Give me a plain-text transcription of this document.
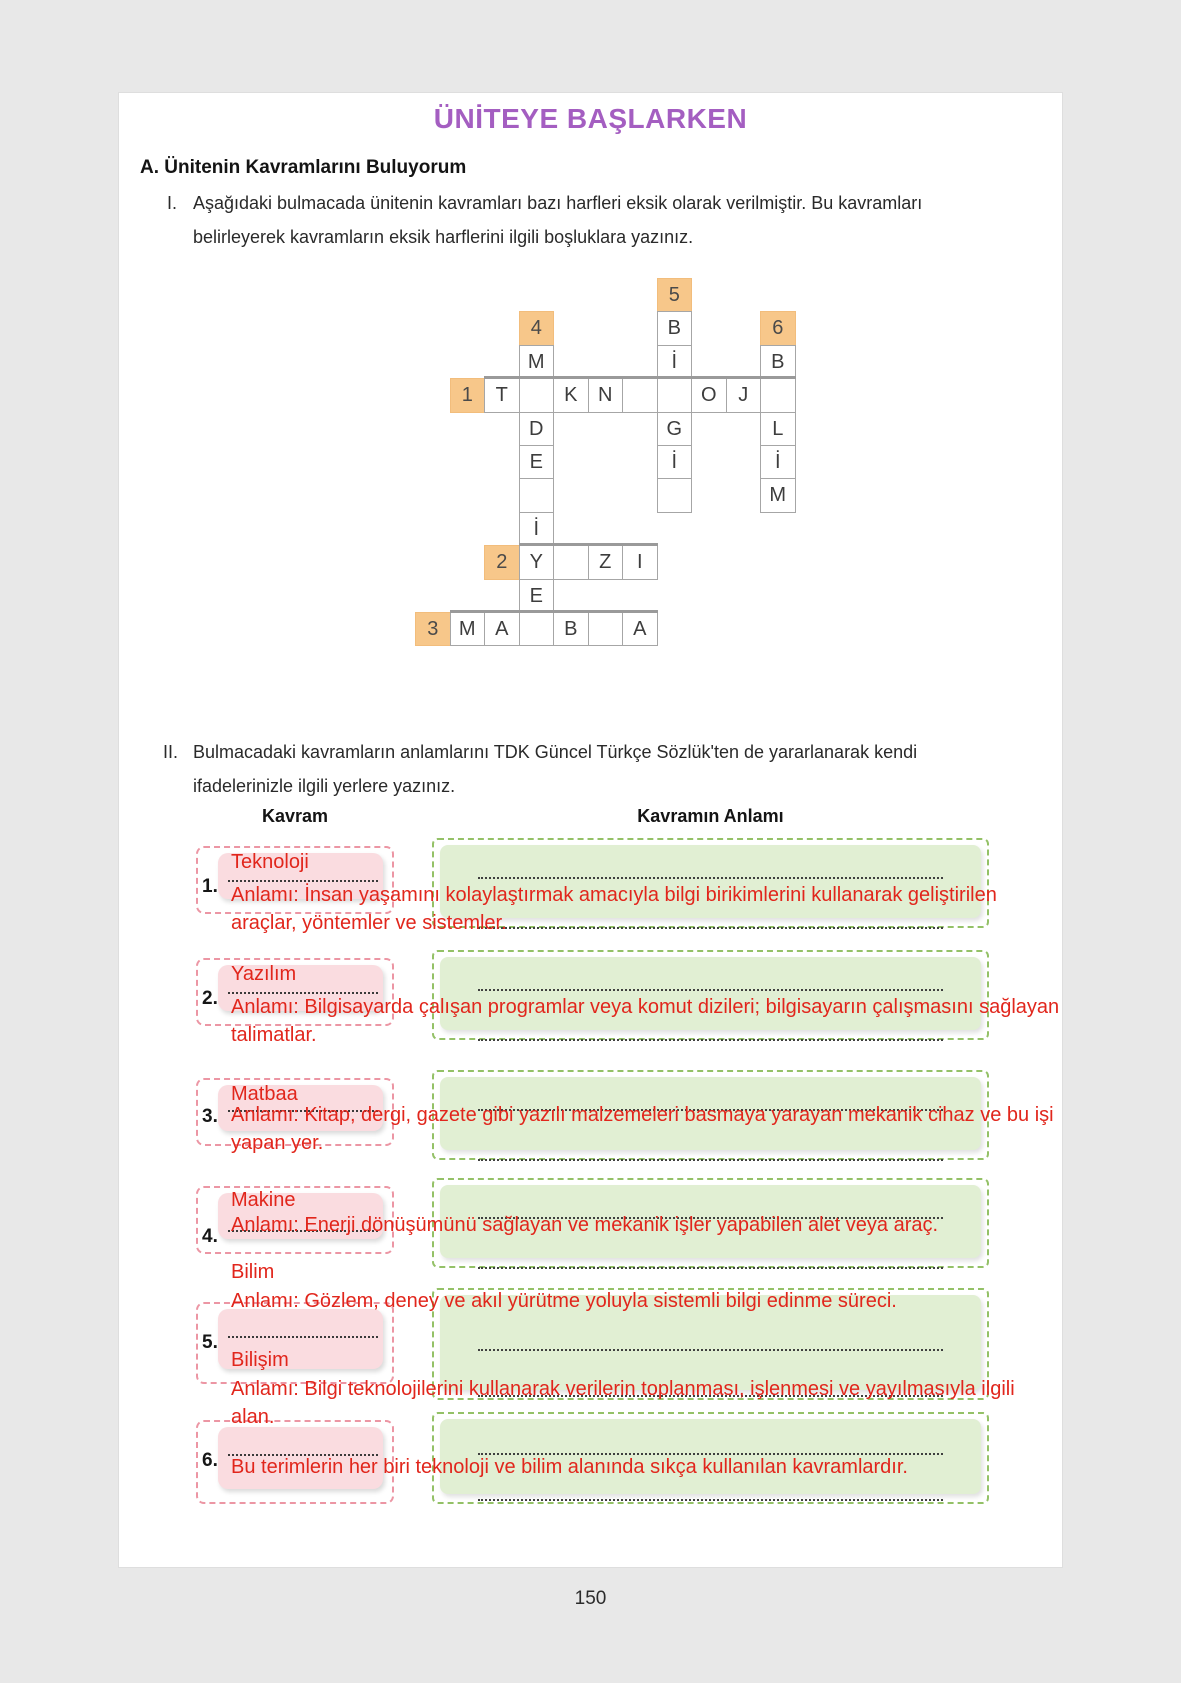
ÜNİTEYE BAŞLARKEN
A. Ünitenin Kavramlarını Buluyorum
I. Aşağıdaki bulmacada ünitenin kavramları bazı harfleri eksik olarak verilmiştir. Bu kavramları
belirleyerek kavramların eksik harflerini ilgili boşluklara yazınız.
5
4	6
B
M	İ	B
1	T	K	N	O	J
D	G	L
E	İ	İ
M
İ
2	Y	Z	I
E
3	M A	B	A
II. Bulmacadaki kavramların anlamlarını TDK Güncel Türkçe Sözlük'ten de yararlanarak kendi
ifadelerinizle ilgili yerlere yazınız.
Kavram	Kavramın Anlamı
1.
Teknoloji
Anlamı: İnsan yaşamını kolaylaştırmak amacıyla bilgi birikimlerini kullanarak geliştirilen
araçlar, yöntemler ve sistemler.
2.
Yazılım
Anlamı: Bilgisayarda çalışan programlar veya komut dizileri; bilgisayarın çalışmasını sağlayan
talimatlar.
3.
Matbaa
Anlamı: Kitap, dergi, gazete gibi yazılı malzemeleri basmaya yarayan mekanik cihaz ve bu işi
yapan yer.
4.
Makine
Anlamı: Enerji dönüşümünü sağlayan ve mekanik işler yapabilen alet veya araç.
5.
Bilim
Anlamı: Gözlem, deney ve akıl yürütme yoluyla sistemli bilgi edinme süreci.
Bilişim
Anlamı: Bilgi teknolojilerini kullanarak verilerin toplanması, işlenmesi ve yayılmasıyla ilgili
alan.
6. Bu terimlerin her biri teknoloji ve bilim alanında sıkça kullanılan kavramlardır.
150
